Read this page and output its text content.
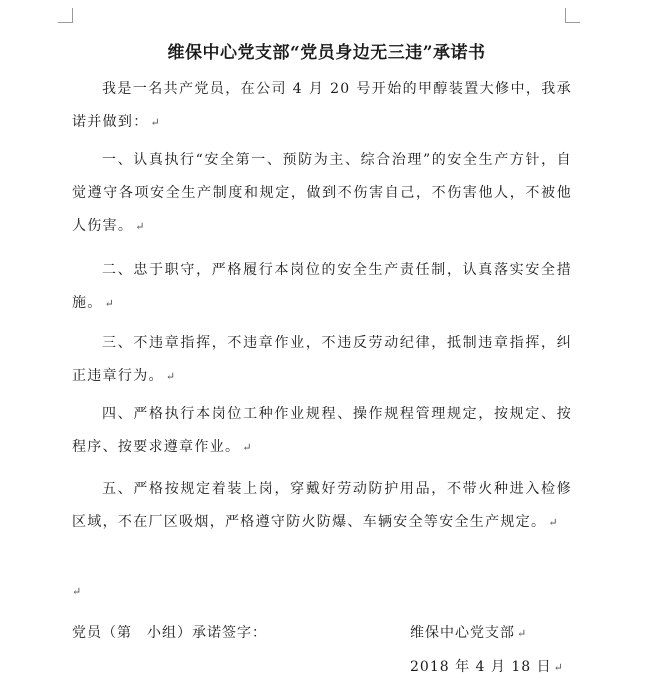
维保中心党支部“党员身边无三违”承诺书

我是一名共产党员，在公司 4 月 20 号开始的甲醇装置大修中，我承诺并做到： ↵

一、认真执行“安全第一、预防为主、综合治理”的安全生产方针，自觉遵守各项安全生产制度和规定，做到不伤害自己，不伤害他人，不被他人伤害。 ↵

二、忠于职守，严格履行本岗位的安全生产责任制，认真落实安全措施。 ↵

三、不违章指挥，不违章作业，不违反劳动纪律，抵制违章指挥，纠正违章行为。 ↵

四、严格执行本岗位工种作业规程、操作规程管理规定，按规定、按程序、按要求遵章作业。 ↵

五、严格按规定着装上岗，穿戴好劳动防护用品，不带火种进入检修区域，不在厂区吸烟，严格遵守防火防爆、车辆安全等安全生产规定。 ↵

↵
党员（第　小组）承诺签字：	维保中心党支部 ↵
2018 年 4 月 18 日 ↵
